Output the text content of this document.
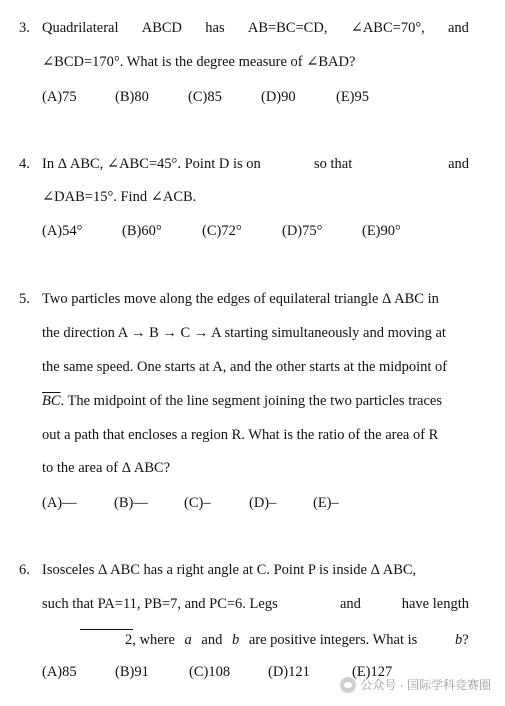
3. Quadrilateral ABCD has AB=BC=CD, ∠ABC=70°, and
∠BCD=170°. What is the degree measure of ∠BAD?
(A)75	(B)80	(C)85	(D)90	(E)95
4. In Δ ABC, ∠ABC=45°. Point D is on	so that	and
∠DAB=15°. Find ∠ACB.
(A)54°	(B)60°	(C)72°	(D)75°	(E)90°
5. Two particles move along the edges of equilateral triangle Δ ABC in
the direction A → B → C → A starting simultaneously and moving at
the same speed. One starts at A, and the other starts at the midpoint of
$\overline{BC}$. The midpoint of the line segment joining the two particles traces
out a path that encloses a region R. What is the ratio of the area of R
to the area of Δ ABC?
(A)—	(B)—	(C)–	(D)–	(E)–
6. Isosceles Δ ABC has a right angle at C. Point P is inside Δ ABC,
such that PA=11, PB=7, and PC=6. Legs	and	have length
2, where a and b are positive integers. What is	b?
(A)85	(B)91	(C)108	(D)121	(E)127
公众号 · 国际学科竞赛圈
